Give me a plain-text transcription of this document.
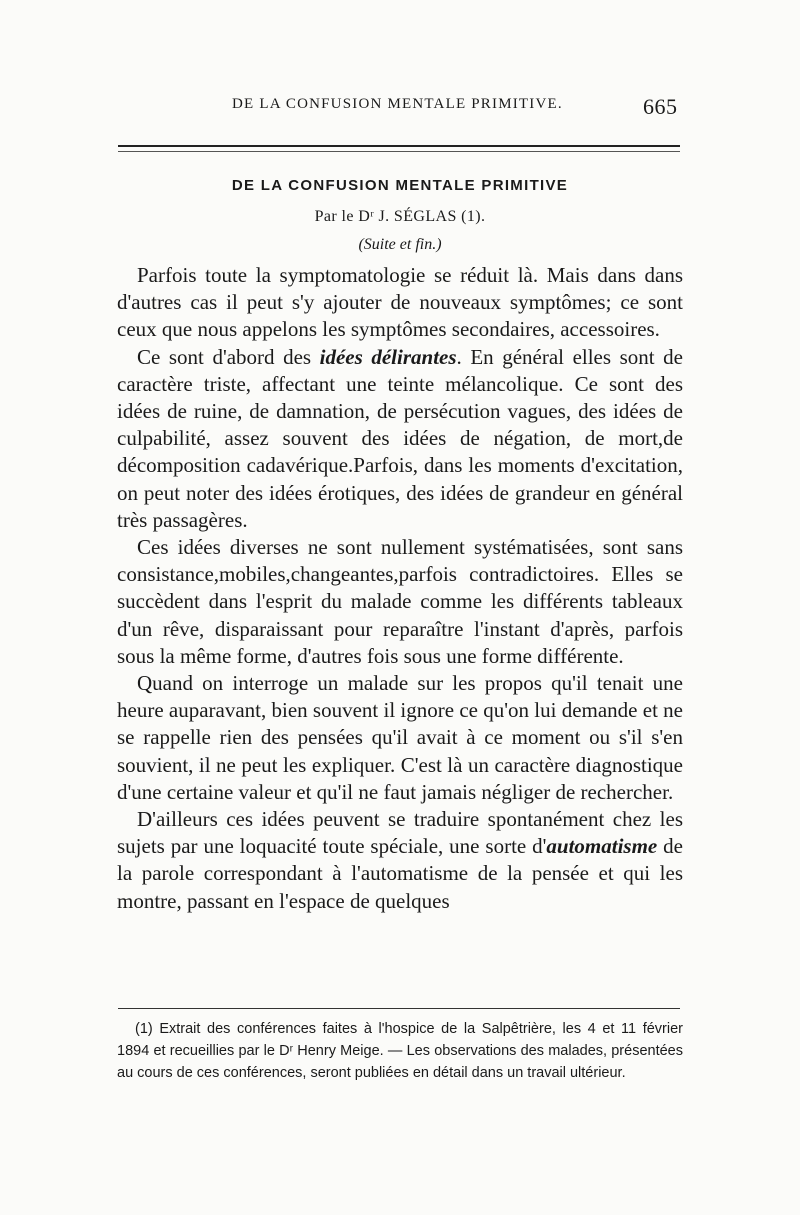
DE LA CONFUSION MENTALE PRIMITIVE.	665
DE LA CONFUSION MENTALE PRIMITIVE
Par le Dʳ J. SÉGLAS (1).
(Suite et fin.)

Parfois toute la symptomatologie se réduit là. Mais dans dans d'autres cas il peut s'y ajouter de nouveaux symptômes; ce sont ceux que nous appelons les symptômes secondaires, accessoires.

Ce sont d'abord des idées délirantes. En général elles sont de caractère triste, affectant une teinte mélancolique. Ce sont des idées de ruine, de damnation, de persécution vagues, des idées de culpabilité, assez souvent des idées de négation, de mort,de décomposition cadavérique.Parfois, dans les moments d'excitation, on peut noter des idées érotiques, des idées de grandeur en général très passagères.

Ces idées diverses ne sont nullement systématisées, sont sans consistance,mobiles,changeantes,parfois contradictoires. Elles se succèdent dans l'esprit du malade comme les différents tableaux d'un rêve, disparaissant pour reparaître l'instant d'après, parfois sous la même forme, d'autres fois sous une forme différente.

Quand on interroge un malade sur les propos qu'il tenait une heure auparavant, bien souvent il ignore ce qu'on lui demande et ne se rappelle rien des pensées qu'il avait à ce moment ou s'il s'en souvient, il ne peut les expliquer. C'est là un caractère diagnostique d'une certaine valeur et qu'il ne faut jamais négliger de rechercher.

D'ailleurs ces idées peuvent se traduire spontanément chez les sujets par une loquacité toute spéciale, une sorte d'automatisme de la parole correspondant à l'automatisme de la pensée et qui les montre, passant en l'espace de quelques

(1) Extrait des conférences faites à l'hospice de la Salpêtrière, les 4 et 11 février 1894 et recueillies par le Dʳ Henry Meige. — Les observations des malades, présentées au cours de ces conférences, seront publiées en détail dans un travail ultérieur.
